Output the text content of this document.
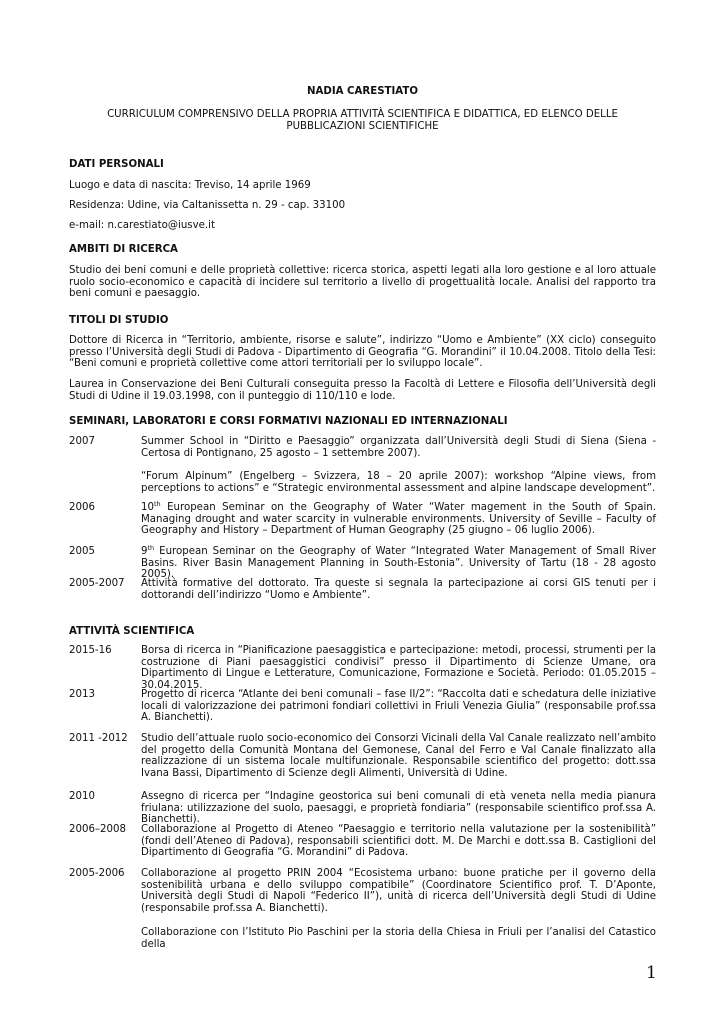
NADIA CARESTIATO
CURRICULUM COMPRENSIVO DELLA PROPRIA ATTIVITÀ SCIENTIFICA E DIDATTICA, ED ELENCO DELLE PUBBLICAZIONI SCIENTIFICHE
DATI PERSONALI
Luogo e data di nascita: Treviso, 14 aprile 1969
Residenza: Udine, via Caltanissetta n. 29 - cap. 33100
e-mail: n.carestiato@iusve.it
AMBITI DI RICERCA
Studio dei beni comuni e delle proprietà collettive: ricerca storica, aspetti legati alla loro gestione e al loro attuale ruolo socio-economico e capacità di incidere sul territorio a livello di progettualità locale. Analisi del rapporto tra beni comuni e paesaggio.
TITOLI DI STUDIO
Dottore di Ricerca in “Territorio, ambiente, risorse e salute”, indirizzo “Uomo e Ambiente” (XX ciclo) conseguito presso l’Università degli Studi di Padova - Dipartimento di Geografia “G. Morandini” il 10.04.2008. Titolo della Tesi: “Beni comuni e proprietà collettive come attori territoriali per lo sviluppo locale”.
Laurea in Conservazione dei Beni Culturali conseguita presso la Facoltà di Lettere e Filosofia dell’Università degli Studi di Udine il 19.03.1998, con il punteggio di 110/110 e lode.
SEMINARI, LABORATORI E CORSI FORMATIVI NAZIONALI ED INTERNAZIONALI
2007	Summer School in “Diritto e Paesaggio” organizzata dall’Università degli Studi di Siena (Siena - Certosa di Pontignano, 25 agosto – 1 settembre 2007).
“Forum Alpinum” (Engelberg – Svizzera, 18 – 20 aprile 2007): workshop “Alpine views, from perceptions to actions” e “Strategic environmental assessment and alpine landscape development”.
2006	10th European Seminar on the Geography of Water “Water magement in the South of Spain. Managing drought and water scarcity in vulnerable environments. University of Seville – Faculty of Geography and History – Department of Human Geography (25 giugno – 06 luglio 2006).
2005	9th European Seminar on the Geography of Water “Integrated Water Management of Small River Basins. River Basin Management Planning in South-Estonia”. University of Tartu (18 - 28 agosto 2005).
2005-2007	Attività formative del dottorato. Tra queste si segnala la partecipazione ai corsi GIS tenuti per i dottorandi dell’indirizzo “Uomo e Ambiente”.
ATTIVITÀ SCIENTIFICA
2015-16	Borsa di ricerca in “Pianificazione paesaggistica e partecipazione: metodi, processi, strumenti per la costruzione di Piani paesaggistici condivisi” presso il Dipartimento di Scienze Umane, ora Dipartimento di Lingue e Letterature, Comunicazione, Formazione e Società. Periodo: 01.05.2015 – 30.04.2015.
2013	Progetto di ricerca “Atlante dei beni comunali – fase II/2”: “Raccolta dati e schedatura delle iniziative locali di valorizzazione dei patrimoni fondiari collettivi in Friuli Venezia Giulia” (responsabile prof.ssa A. Bianchetti).
2011 -2012	Studio dell’attuale ruolo socio-economico dei Consorzi Vicinali della Val Canale realizzato nell’ambito del progetto della Comunità Montana del Gemonese, Canal del Ferro e Val Canale finalizzato alla realizzazione di un sistema locale multifunzionale. Responsabile scientifico del progetto: dott.ssa Ivana Bassi, Dipartimento di Scienze degli Alimenti, Università di Udine.
2010	Assegno di ricerca per “Indagine geostorica sui beni comunali di età veneta nella media pianura friulana: utilizzazione del suolo, paesaggi, e proprietà fondiaria” (responsabile scientifico prof.ssa A. Bianchetti).
2006–2008	Collaborazione al Progetto di Ateneo “Paesaggio e territorio nella valutazione per la sostenibilità” (fondi dell’Ateneo di Padova), responsabili scientifici dott. M. De Marchi e dott.ssa B. Castiglioni del Dipartimento di Geografia “G. Morandini” di Padova.
2005-2006	Collaborazione al progetto PRIN 2004 “Ecosistema urbano: buone pratiche per il governo della sostenibilità urbana e dello sviluppo compatibile” (Coordinatore Scientifico prof. T. D’Aponte, Università degli Studi di Napoli “Federico II”), unità di ricerca dell’Università degli Studi di Udine (responsabile prof.ssa A. Bianchetti).
Collaborazione con l’Istituto Pio Paschini per la storia della Chiesa in Friuli per l’analisi del Catastico della
1
